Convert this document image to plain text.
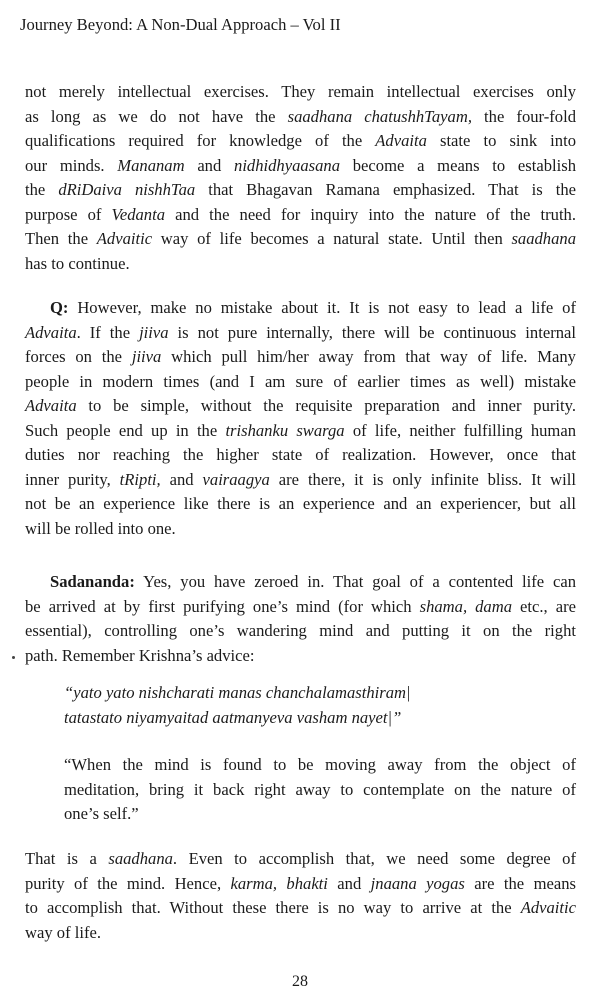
Journey Beyond: A Non-Dual Approach – Vol II
not merely intellectual exercises. They remain intellectual exercises only
as long as we do not have the saadhana chatushhTayam, the four-fold
qualifications required for knowledge of the Advaita state to sink into
our minds. Mananam and nidhidhyaasana become a means to establish
the dRiDaiva nishhTaa that Bhagavan Ramana emphasized. That is the
purpose of Vedanta and the need for inquiry into the nature of the truth.
Then the Advaitic way of life becomes a natural state. Until then saadhana
has to continue.
Q: However, make no mistake about it. It is not easy to lead a life of
Advaita. If the jiiva is not pure internally, there will be continuous internal
forces on the jiiva which pull him/her away from that way of life. Many
people in modern times (and I am sure of earlier times as well) mistake
Advaita to be simple, without the requisite preparation and inner purity.
Such people end up in the trishanku swarga of life, neither fulfilling human
duties nor reaching the higher state of realization. However, once that
inner purity, tRipti, and vairaagya are there, it is only infinite bliss. It will
not be an experience like there is an experience and an experiencer, but all
will be rolled into one.
Sadananda: Yes, you have zeroed in. That goal of a contented life can
be arrived at by first purifying one’s mind (for which shama, dama etc., are
essential), controlling one’s wandering mind and putting it on the right
path. Remember Krishna’s advice:
“yato yato nishcharati manas chanchalamasthiram|
tatastato niyamyaitad aatmanyeva vasham nayet|”
“When the mind is found to be moving away from the object of
meditation, bring it back right away to contemplate on the nature of
one’s self.”
That is a saadhana. Even to accomplish that, we need some degree of
purity of the mind. Hence, karma, bhakti and jnaana yogas are the means
to accomplish that. Without these there is no way to arrive at the Advaitic
way of life.
28
